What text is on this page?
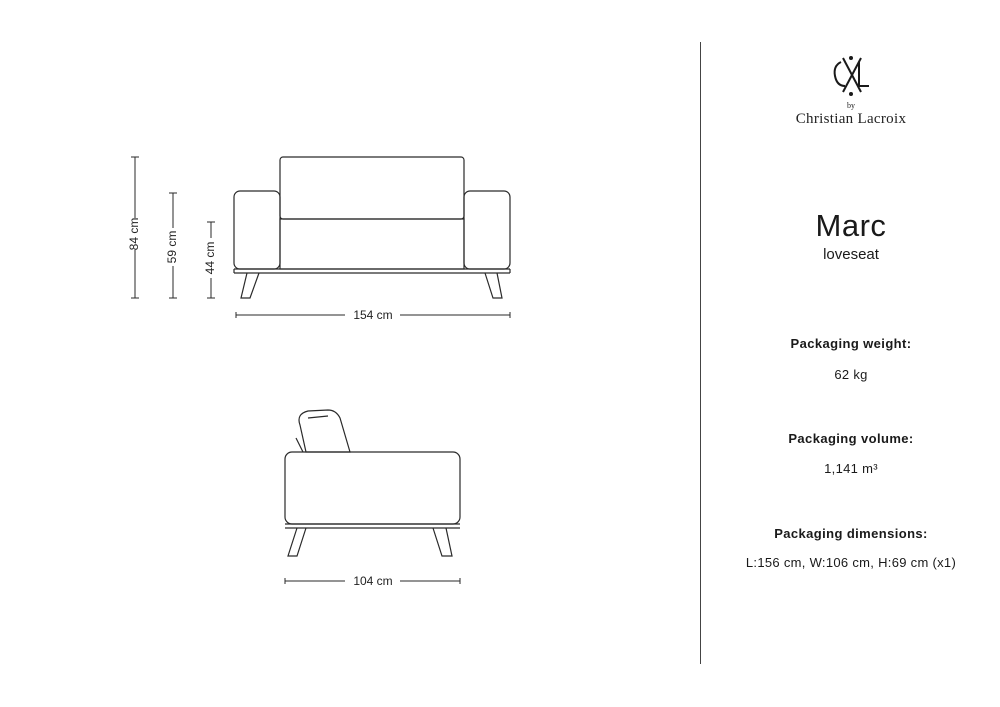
84 cm 59 cm 44 cm
154 cm
104 cm
by
Christian Lacroix
Marc
loveseat
Packaging weight:
62 kg
Packaging volume:
1,141 m³
Packaging dimensions:
L:156 cm, W:106 cm, H:69 cm (x1)
